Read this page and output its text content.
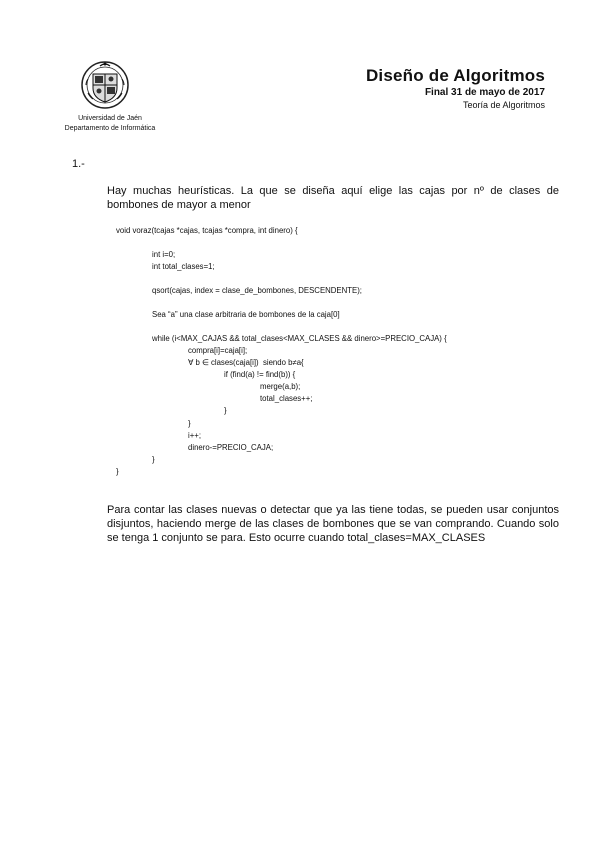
Universidad de Jaén
Departamento de Informática
Diseño de Algoritmos
Final 31 de mayo de 2017
Teoría de Algoritmos
1.-
Hay muchas heurísticas. La que se diseña aquí elige las cajas por nº de clases de bombones de mayor a menor
void voraz(tcajas *cajas, tcajas *compra, int dinero) {
int i=0;
int total_clases=1;
qsort(cajas, index = clase_de_bombones, DESCENDENTE);
Sea “a” una clase arbitraria de bombones de la caja[0]
while (i<MAX_CAJAS && total_clases<MAX_CLASES && dinero>=PRECIO_CAJA) {
compra[i]=caja[i];
∀ b ∈ clases(caja[i])  siendo b≠a{
if (find(a) != find(b)) {
merge(a,b);
total_clases++;
}
}
i++;
dinero-=PRECIO_CAJA;
}
}
Para contar las clases nuevas o detectar que ya las tiene todas, se pueden usar conjuntos disjuntos, haciendo merge de las clases de bombones que se van comprando. Cuando solo se tenga 1 conjunto se para. Esto ocurre cuando total_clases=MAX_CLASES
